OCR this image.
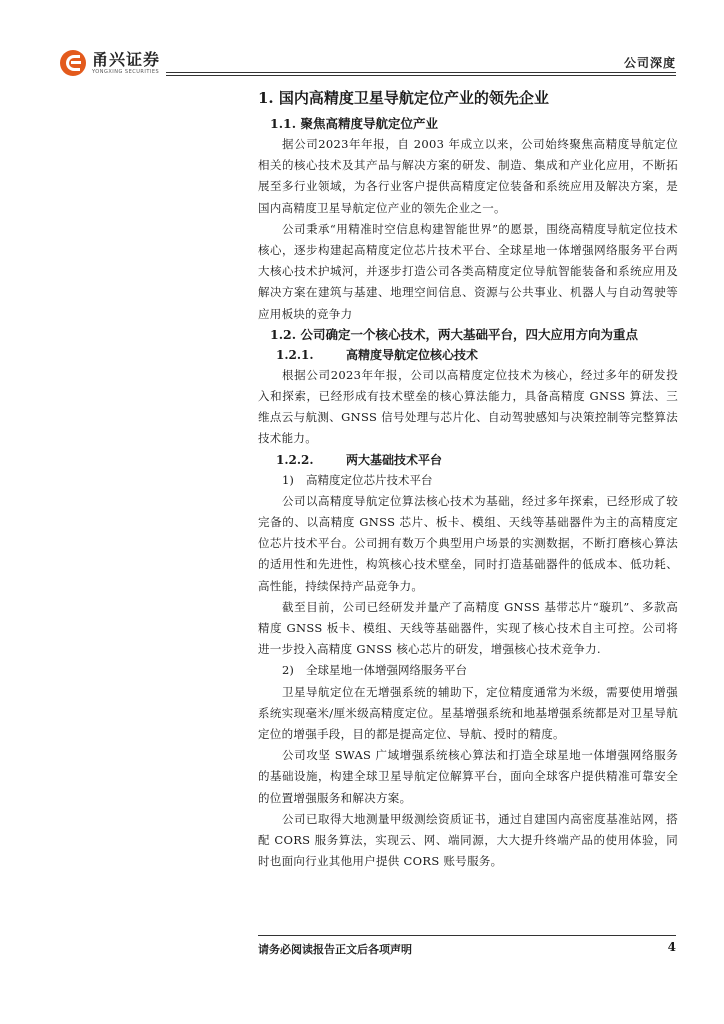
甬兴证券
YONGXING SECURITIES
公司深度
1. 国内高精度卫星导航定位产业的领先企业
1.1. 聚焦高精度导航定位产业

据公司2023年年报，自 2003 年成立以来，公司始终聚焦高精度导航定位相关的核心技术及其产品与解决方案的研发、制造、集成和产业化应用，不断拓展至多行业领域，为各行业客户提供高精度定位装备和系统应用及解决方案，是国内高精度卫星导航定位产业的领先企业之一。

公司秉承“用精准时空信息构建智能世界”的愿景，围绕高精度导航定位技术核心，逐步构建起高精度定位芯片技术平台、全球星地一体增强网络服务平台两大核心技术护城河，并逐步打造公司各类高精度定位导航智能装备和系统应用及解决方案在建筑与基建、地理空间信息、资源与公共事业、机器人与自动驾驶等应用板块的竞争力

1.2. 公司确定一个核心技术，两大基础平台，四大应用方向为重点
1.2.1.	高精度导航定位核心技术

根据公司2023年年报，公司以高精度定位技术为核心，经过多年的研发投入和探索，已经形成有技术壁垒的核心算法能力，具备高精度 GNSS 算法、三维点云与航测、GNSS 信号处理与芯片化、自动驾驶感知与决策控制等完整算法技术能力。

1.2.2.	两大基础技术平台
1) 高精度定位芯片技术平台

公司以高精度导航定位算法核心技术为基础，经过多年探索，已经形成了较完备的、以高精度 GNSS 芯片、板卡、模组、天线等基础器件为主的高精度定位芯片技术平台。公司拥有数万个典型用户场景的实测数据，不断打磨核心算法的适用性和先进性，构筑核心技术壁垒，同时打造基础器件的低成本、低功耗、高性能，持续保持产品竞争力。

截至目前，公司已经研发并量产了高精度 GNSS 基带芯片“璇玑”、多款高精度 GNSS 板卡、模组、天线等基础器件，实现了核心技术自主可控。公司将进一步投入高精度 GNSS 核心芯片的研发，增强核心技术竞争力.

2) 全球星地一体增强网络服务平台

卫星导航定位在无增强系统的辅助下，定位精度通常为米级，需要使用增强系统实现毫米/厘米级高精度定位。星基增强系统和地基增强系统都是对卫星导航定位的增强手段，目的都是提高定位、导航、授时的精度。

公司攻坚 SWAS 广域增强系统核心算法和打造全球星地一体增强网络服务的基础设施，构建全球卫星导航定位解算平台，面向全球客户提供精准可靠安全的位置增强服务和解决方案。

公司已取得大地测量甲级测绘资质证书，通过自建国内高密度基准站网，搭配 CORS 服务算法，实现云、网、端同源，大大提升终端产品的使用体验，同时也面向行业其他用户提供 CORS 账号服务。

请务必阅读报告正文后各项声明	4
